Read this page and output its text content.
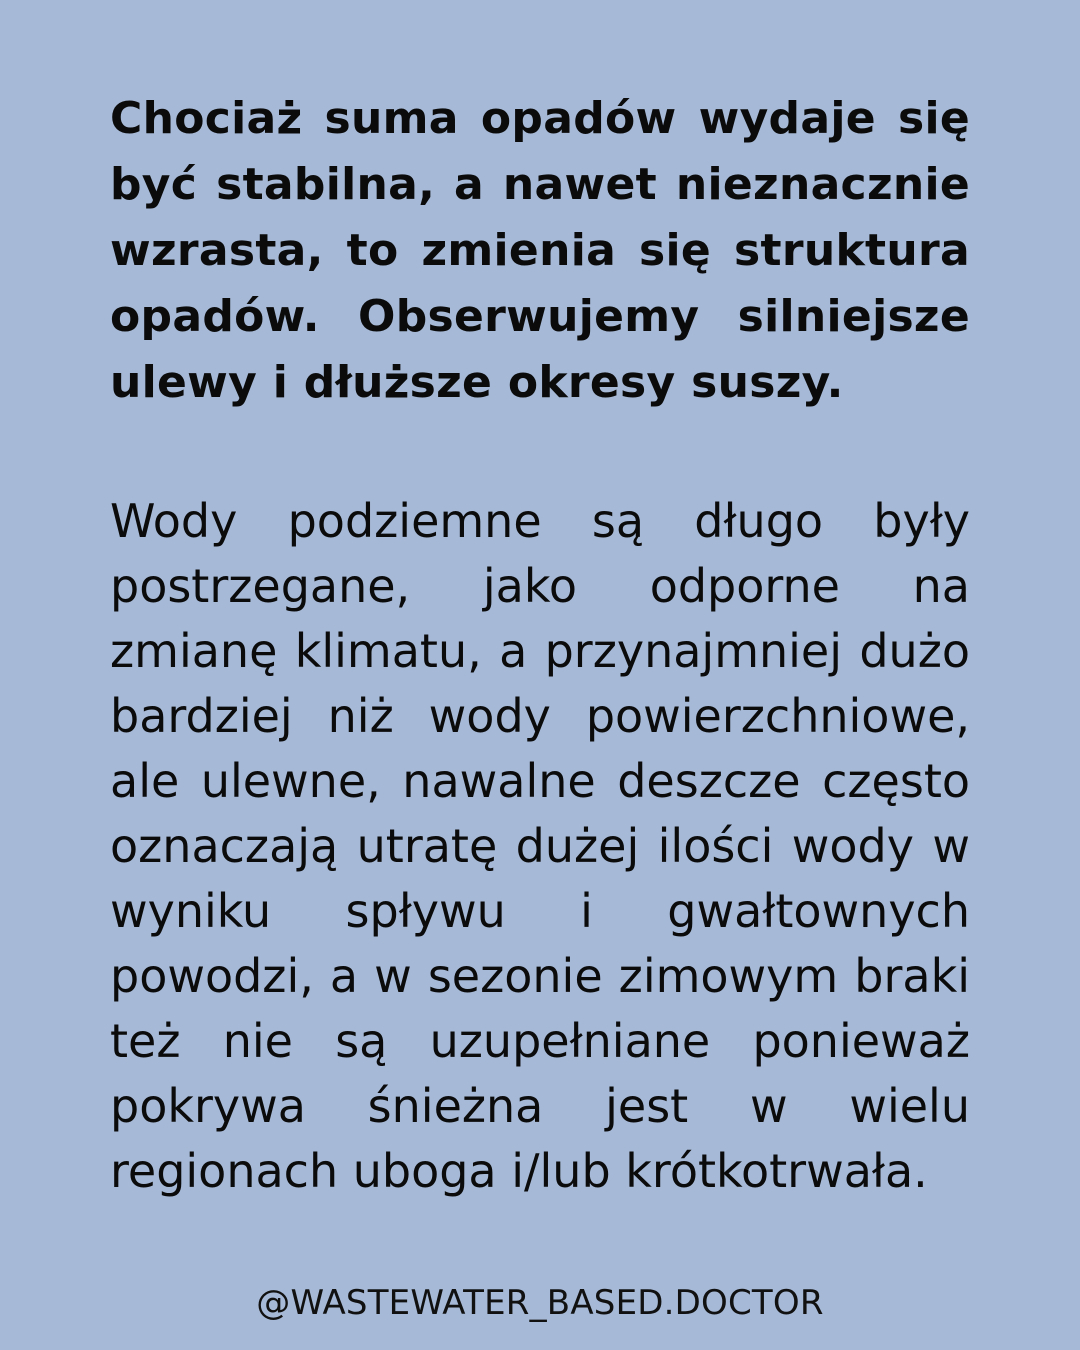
Chociaż suma opadów wydaje się być stabilna, a nawet nieznacznie wzrasta, to zmienia się struktura opadów. Obserwujemy silniejsze ulewy i dłuższe okresy suszy.

Wody podziemne są długo były postrzegane, jako odporne na zmianę klimatu, a przynajmniej dużo bardziej niż wody powierzchniowe, ale ulewne, nawalne deszcze często oznaczają utratę dużej ilości wody w wyniku spływu i gwałtownych powodzi, a w sezonie zimowym braki też nie są uzupełniane ponieważ pokrywa śnieżna jest w wielu regionach uboga i/lub krótkotrwała.

@WASTEWATER_BASED.DOCTOR
